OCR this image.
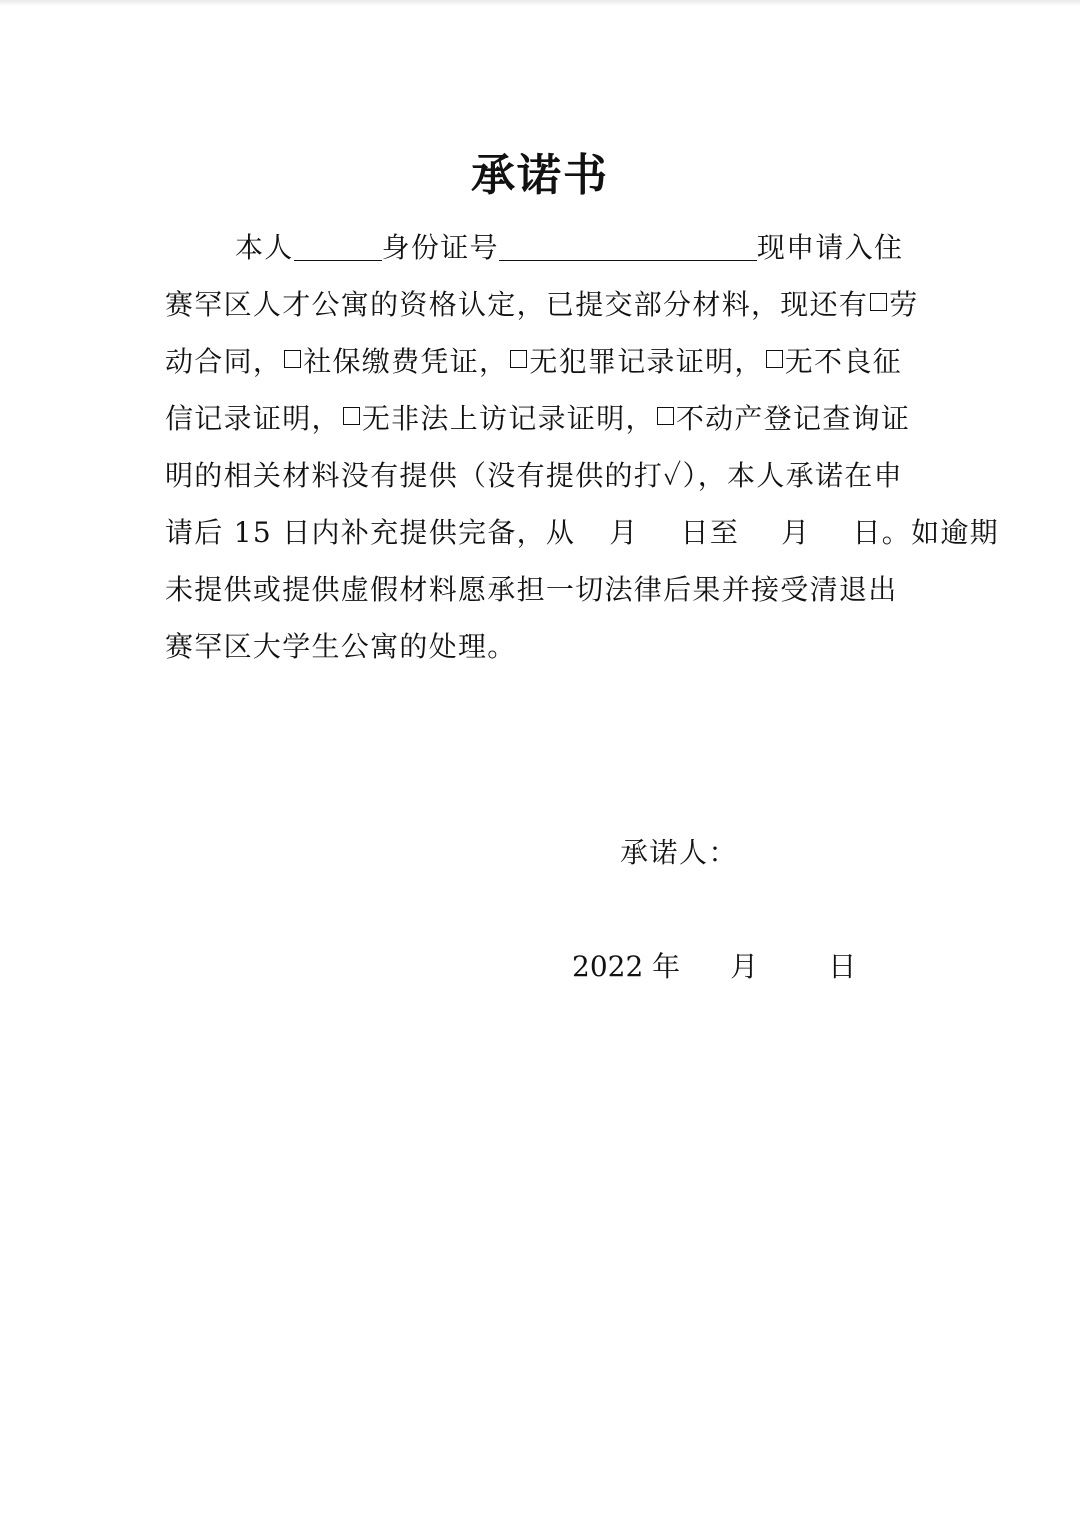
承诺书
本人	身份证号	现申请入住
赛罕区人才公寓的资格认定，已提交部分材料，现还有 劳
动合同， 社保缴费凭证， 无犯罪记录证明， 无不良征
信记录证明， 无非法上访记录证明， 不动产登记查询证
明的相关材料没有提供（没有提供的打✓），本人承诺在申
请后 15 日内补充提供完备，从 月 日至 月 日。如逾期
未提供或提供虚假材料愿承担一切法律后果并接受清退出
赛罕区大学生公寓的处理。
承诺人：
2022 年 月	日
